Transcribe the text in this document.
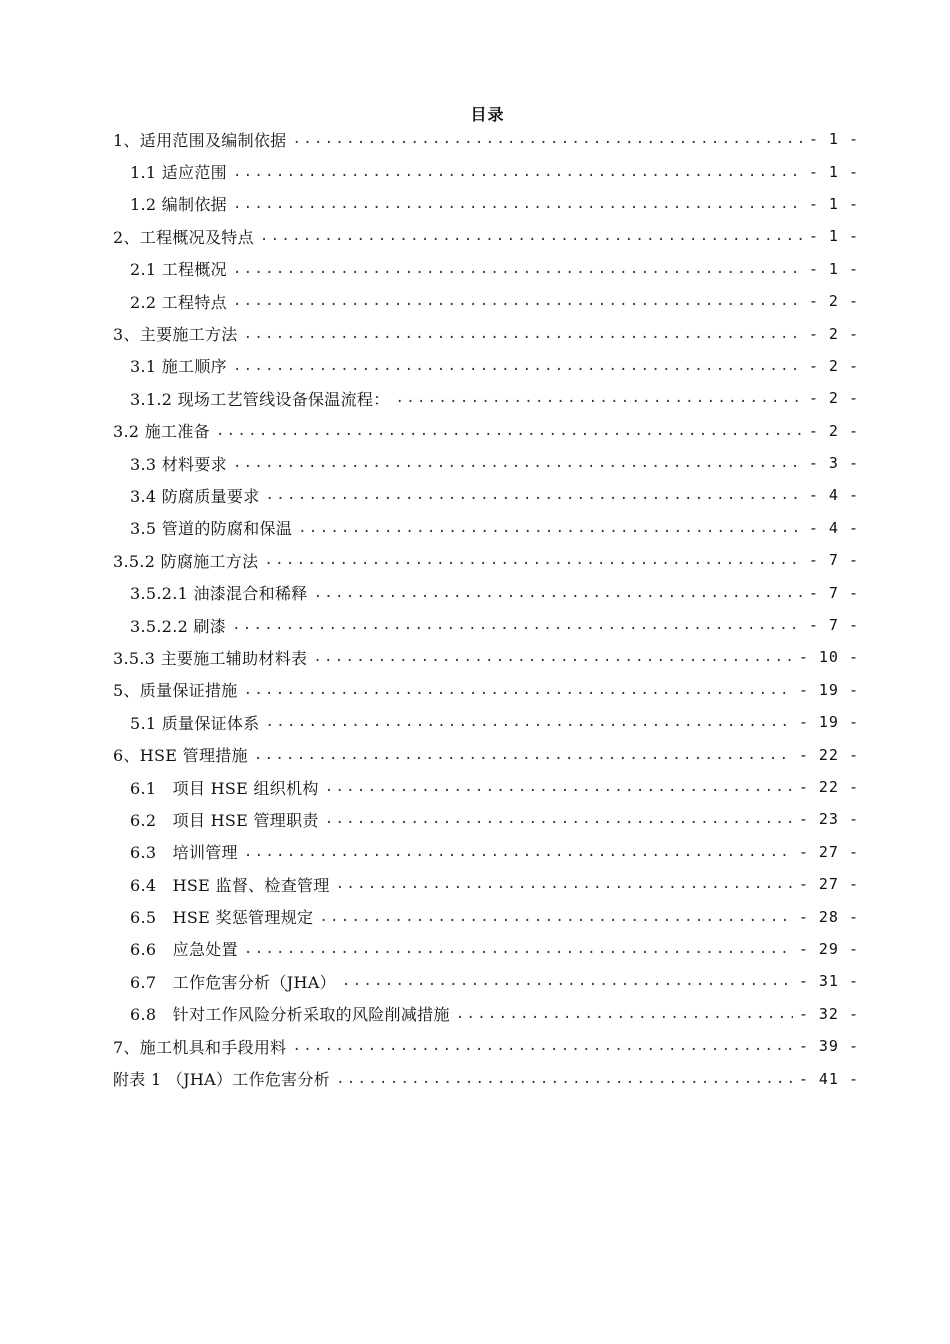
目录
1、适用范围及编制依据 .....	- 1 -
1.1 适应范围 .....	- 1 -
1.2 编制依据 .....	- 1 -
2、工程概况及特点 .....	- 1 -
2.1 工程概况 .....	- 1 -
2.2 工程特点 .....	- 2 -
3、主要施工方法 .....	- 2 -
3.1 施工顺序 .....	- 2 -
3.1.2 现场工艺管线设备保温流程： .....	- 2 -
3.2 施工准备 .....	- 2 -
3.3 材料要求 .....	- 3 -
3.4 防腐质量要求 .....	- 4 -
3.5 管道的防腐和保温 .....	- 4 -
3.5.2 防腐施工方法 .....	- 7 -
3.5.2.1 油漆混合和稀释 .....	- 7 -
3.5.2.2 刷漆 .....	- 7 -
3.5.3 主要施工辅助材料表 .....	- 10 -
5、质量保证措施 .....	- 19 -
5.1 质量保证体系 .....	- 19 -
6、HSE 管理措施 .....	- 22 -
6.1　项目 HSE 组织机构 .....	- 22 -
6.2　项目 HSE 管理职责 .....	- 23 -
6.3　培训管理 .....	- 27 -
6.4　HSE 监督、检查管理 .....	- 27 -
6.5　HSE 奖惩管理规定 .....	- 28 -
6.6　应急处置 .....	- 29 -
6.7　工作危害分析（JHA） .....	- 31 -
6.8　针对工作风险分析采取的风险削减措施 .....	- 32 -
7、施工机具和手段用料 .....	- 39 -
附表 1 （JHA）工作危害分析 .....	- 41 -
